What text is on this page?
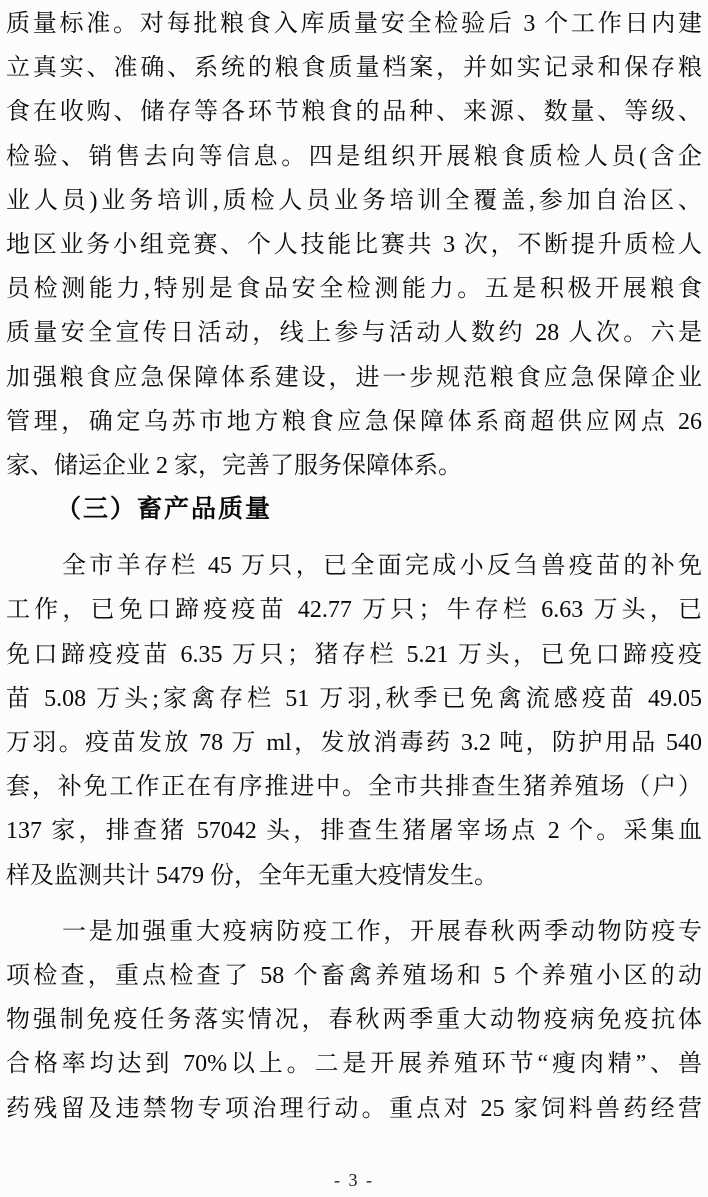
质量标准。对每批粮食入库质量安全检验后 3 个工作日内建
立真实、准确、系统的粮食质量档案，并如实记录和保存粮
食在收购、储存等各环节粮食的品种、来源、数量、等级、
检验、销售去向等信息。四是组织开展粮食质检人员(含企
业人员)业务培训,质检人员业务培训全覆盖,参加自治区、
地区业务小组竞赛、个人技能比赛共 3 次，不断提升质检人
员检测能力,特别是食品安全检测能力。五是积极开展粮食
质量安全宣传日活动，线上参与活动人数约 28 人次。六是
加强粮食应急保障体系建设，进一步规范粮食应急保障企业
管理，确定乌苏市地方粮食应急保障体系商超供应网点 26
家、储运企业 2 家，完善了服务保障体系。
（三）畜产品质量
全市羊存栏 45 万只，已全面完成小反刍兽疫苗的补免
工作，已免口蹄疫疫苗 42.77 万只；牛存栏 6.63 万头，已
免口蹄疫疫苗 6.35 万只；猪存栏 5.21 万头，已免口蹄疫疫
苗 5.08 万头;家禽存栏 51 万羽,秋季已免禽流感疫苗 49.05
万羽。疫苗发放 78 万 ml，发放消毒药 3.2 吨，防护用品 540
套，补免工作正在有序推进中。全市共排查生猪养殖场（户）
137 家，排查猪 57042 头，排查生猪屠宰场点 2 个。采集血
样及监测共计 5479 份，全年无重大疫情发生。
一是加强重大疫病防疫工作，开展春秋两季动物防疫专
项检查，重点检查了 58 个畜禽养殖场和 5 个养殖小区的动
物强制免疫任务落实情况，春秋两季重大动物疫病免疫抗体
合格率均达到 70%以上。二是开展养殖环节“瘦肉精”、兽
药残留及违禁物专项治理行动。重点对 25 家饲料兽药经营
- 3 -
